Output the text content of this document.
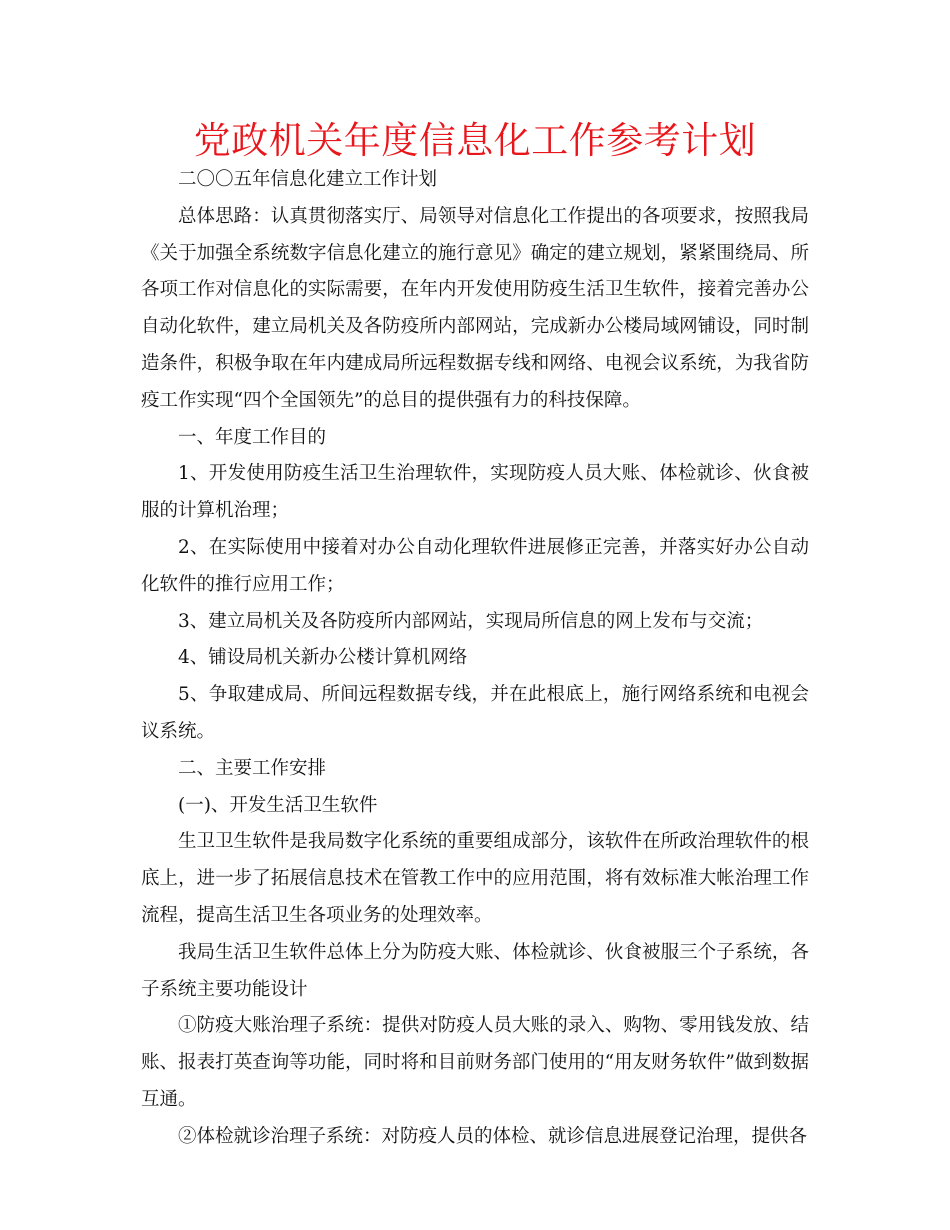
党政机关年度信息化工作参考计划

二〇〇五年信息化建立工作计划

总体思路：认真贯彻落实厅、局领导对信息化工作提出的各项要求，按照我局《关于加强全系统数字信息化建立的施行意见》确定的建立规划，紧紧围绕局、所各项工作对信息化的实际需要，在年内开发使用防疫生活卫生软件，接着完善办公自动化软件，建立局机关及各防疫所内部网站，完成新办公楼局域网铺设，同时制造条件，积极争取在年内建成局所远程数据专线和网络、电视会议系统，为我省防疫工作实现“四个全国领先”的总目的提供强有力的科技保障。

一、年度工作目的

1、开发使用防疫生活卫生治理软件，实现防疫人员大账、体检就诊、伙食被服的计算机治理；

2、在实际使用中接着对办公自动化理软件进展修正完善，并落实好办公自动化软件的推行应用工作；

3、建立局机关及各防疫所内部网站，实现局所信息的网上发布与交流；

4、铺设局机关新办公楼计算机网络

5、争取建成局、所间远程数据专线，并在此根底上，施行网络系统和电视会议系统。

二、主要工作安排

(一)、开发生活卫生软件

生卫卫生软件是我局数字化系统的重要组成部分，该软件在所政治理软件的根底上，进一步了拓展信息技术在管教工作中的应用范围，将有效标准大帐治理工作流程，提高生活卫生各项业务的处理效率。

我局生活卫生软件总体上分为防疫大账、体检就诊、伙食被服三个子系统，各子系统主要功能设计

①防疫大账治理子系统：提供对防疫人员大账的录入、购物、零用钱发放、结账、报表打英查询等功能，同时将和目前财务部门使用的“用友财务软件”做到数据互通。

②体检就诊治理子系统：对防疫人员的体检、就诊信息进展登记治理，提供各
